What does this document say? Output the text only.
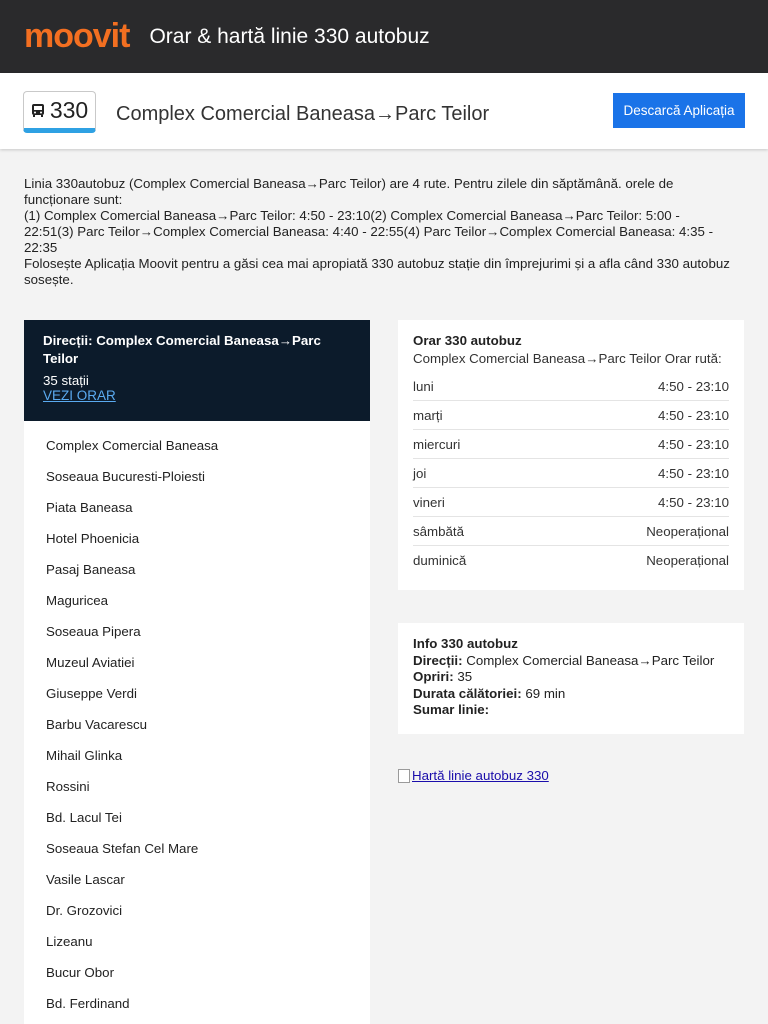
moovit Orar & hartă linie 330 autobuz
330 Complex Comercial Baneasa→Parc Teilor	Descarcă Aplicația

Linia 330autobuz (Complex Comercial Baneasa→Parc Teilor) are 4 rute. Pentru zilele din săptămână. orele de funcționare sunt:

(1) Complex Comercial Baneasa→Parc Teilor: 4:50 - 23:10(2) Complex Comercial Baneasa→Parc Teilor: 5:00 - 22:51(3) Parc Teilor→Complex Comercial Baneasa: 4:40 - 22:55(4) Parc Teilor→Complex Comercial Baneasa: 4:35 - 22:35

Folosește Aplicația Moovit pentru a găsi cea mai apropiată 330 autobuz stație din împrejurimi și a afla când 330 autobuz sosește.

Direcții: Complex Comercial Baneasa→Parc Teilor
35 stații
VEZI ORAR
Complex Comercial Baneasa
Soseaua Bucuresti-Ploiesti
Piata Baneasa
Hotel Phoenicia
Pasaj Baneasa
Maguricea
Soseaua Pipera
Muzeul Aviatiei
Giuseppe Verdi
Barbu Vacarescu
Mihail Glinka
Rossini
Bd. Lacul Tei
Soseaua Stefan Cel Mare
Vasile Lascar
Dr. Grozovici
Lizeanu
Bucur Obor
Bd. Ferdinand
Orar 330 autobuz
Complex Comercial Baneasa→Parc Teilor Orar rută:
luni	4:50 - 23:10
marți	4:50 - 23:10
miercuri	4:50 - 23:10
joi	4:50 - 23:10
vineri	4:50 - 23:10
sâmbătă	Neoperațional
duminică	Neoperațional
Info 330 autobuz
Direcții: Complex Comercial Baneasa→Parc Teilor
Opriri: 35
Durata călătoriei: 69 min
Sumar linie:
Hartă linie autobuz 330
